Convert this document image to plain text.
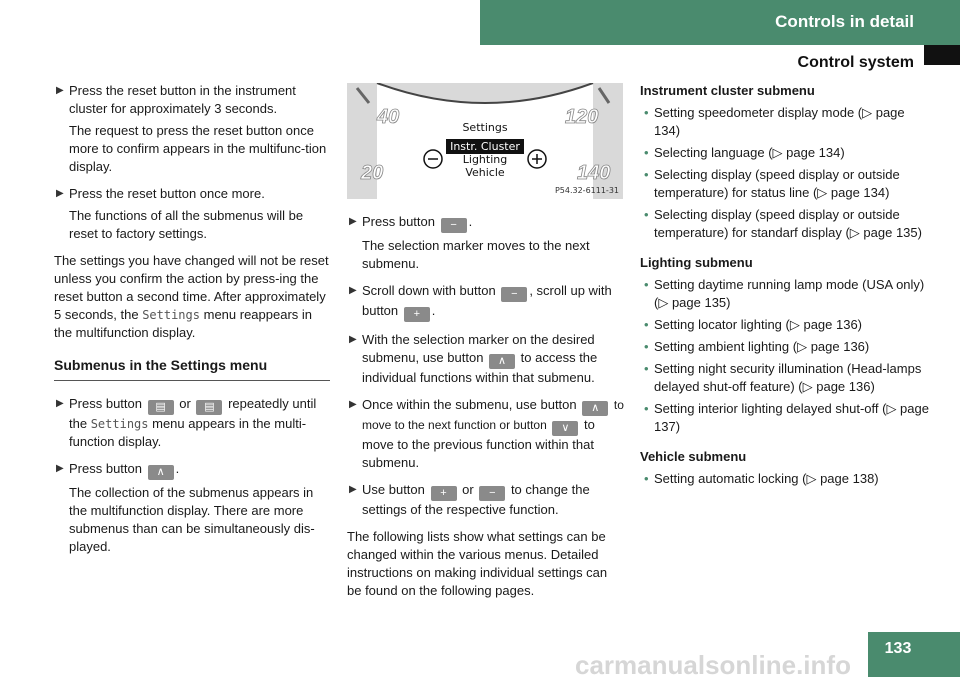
Controls in detail
Control system
▶ Press the reset button in the instrument cluster for approximately 3 seconds.
The request to press the reset button once more to confirm appears in the multifunc-tion display.
▶ Press the reset button once more.
The functions of all the submenus will be reset to factory settings.
The settings you have changed will not be reset unless you confirm the action by press-ing the reset button a second time. After approximately 5 seconds, the Settings menu reappears in the multifunction display.
Submenus in the Settings menu
▶ Press button ▤ or ▤ repeatedly until the Settings menu appears in the multi-function display.
▶ Press button ∧ .
The collection of the submenus appears in the multifunction display. There are more submenus than can be simultaneously dis-played.
40	120
20	140
Settings
Instr. Cluster
Lighting
Vehicle
P54.32-6111-31
▶ Press button − .
The selection marker moves to the next submenu.
▶ Scroll down with button − , scroll up with button + .
▶ With the selection marker on the desired submenu, use button ∧ to access the individual functions within that submenu.
▶ Once within the submenu, use button ∧ to move to the next function or button ∨ to move to the previous function within that submenu.
▶ Use button + or − to change the settings of the respective function.
The following lists show what settings can be changed within the various menus. Detailed instructions on making individual settings can be found on the following pages.
Instrument cluster submenu
• Setting speedometer display mode (▷ page 134)
• Selecting language (▷ page 134)
• Selecting display (speed display or outside temperature) for status line (▷ page 134)
• Selecting display (speed display or outside temperature) for standarf display (▷ page 135)
Lighting submenu
• Setting daytime running lamp mode (USA only) (▷ page 135)
• Setting locator lighting (▷ page 136)
• Setting ambient lighting (▷ page 136)
• Setting night security illumination (Head-lamps delayed shut-off feature) (▷ page 136)
• Setting interior lighting delayed shut-off (▷ page 137)
Vehicle submenu
• Setting automatic locking (▷ page 138)
carmanualsonline.info
133
